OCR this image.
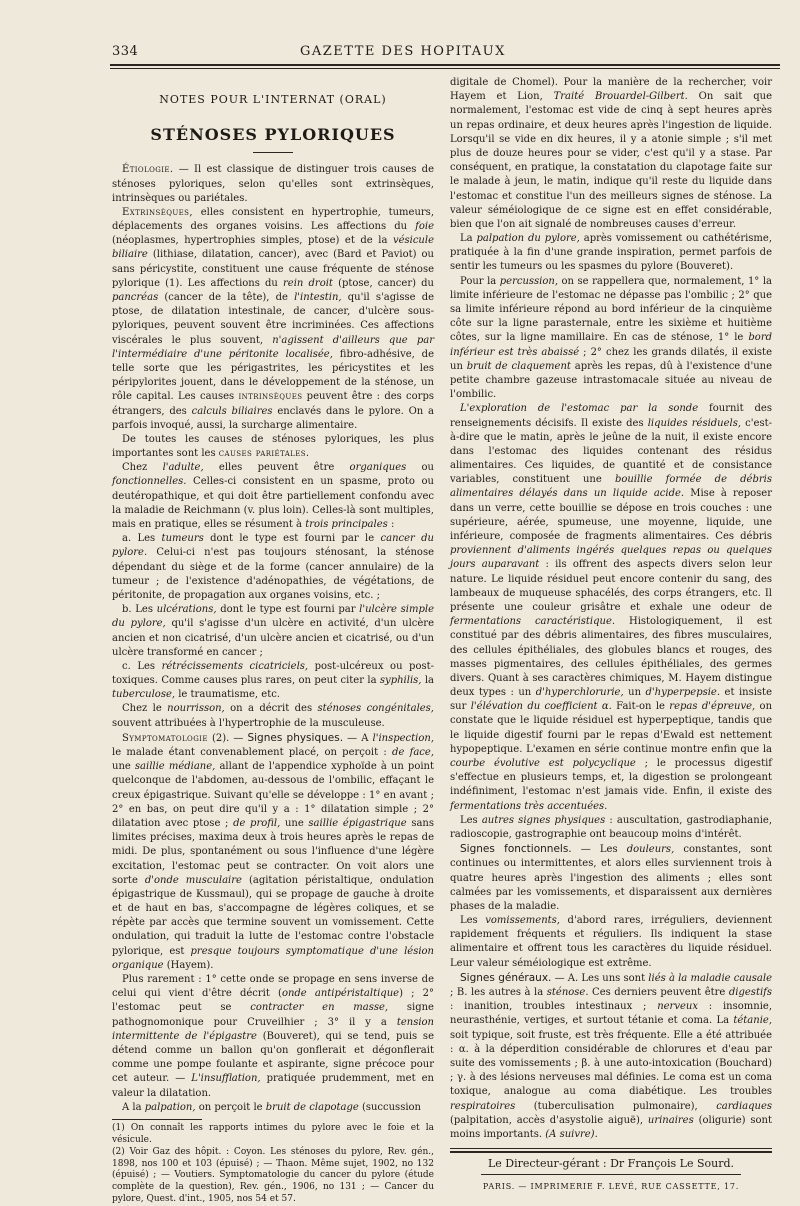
334	GAZETTE DES HOPITAUX
NOTES POUR L'INTERNAT (ORAL)
STÉNOSES PYLORIQUES

Étiologie. — Il est classique de distinguer trois causes de sténoses pyloriques, selon qu'elles sont extrinsèques, intrinsèques ou pariétales.

Extrinsèques, elles consistent en hypertrophie, tumeurs, déplacements des organes voisins. Les affections du foie (néoplasmes, hypertrophies simples, ptose) et de la vésicule biliaire (lithiase, dilatation, cancer), avec (Bard et Paviot) ou sans péricystite, constituent une cause fréquente de sténose pylorique (1). Les affections du rein droit (ptose, cancer) du pancréas (cancer de la tête), de l'intestin, qu'il s'agisse de ptose, de dilatation intestinale, de cancer, d'ulcère sous-pyloriques, peuvent souvent être incriminées. Ces affections viscérales le plus souvent, n'agissent d'ailleurs que par l'intermédiaire d'une péritonite localisée, fibro-adhésive, de telle sorte que les périgastrites, les péricystites et les péripylorites jouent, dans le développement de la sténose, un rôle capital. Les causes intrinsèques peuvent être : des corps étrangers, des calculs biliaires enclavés dans le pylore. On a parfois invoqué, aussi, la surcharge alimentaire.

De toutes les causes de sténoses pyloriques, les plus importantes sont les causes pariétales.

Chez l'adulte, elles peuvent être organiques ou fonctionnelles. Celles-ci consistent en un spasme, proto ou deutéropathique, et qui doit être partiellement confondu avec la maladie de Reichmann (v. plus loin). Celles-là sont multiples, mais en pratique, elles se résument à trois principales :

a. Les tumeurs dont le type est fourni par le cancer du pylore. Celui-ci n'est pas toujours sténosant, la sténose dépendant du siège et de la forme (cancer annulaire) de la tumeur ; de l'existence d'adénopathies, de végétations, de péritonite, de propagation aux organes voisins, etc. ;

b. Les ulcérations, dont le type est fourni par l'ulcère simple du pylore, qu'il s'agisse d'un ulcère en activité, d'un ulcère ancien et non cicatrisé, d'un ulcère ancien et cicatrisé, ou d'un ulcère transformé en cancer ;

c. Les rétrécissements cicatriciels, post-ulcéreux ou post-toxiques. Comme causes plus rares, on peut citer la syphilis, la tuberculose, le traumatisme, etc.

Chez le nourrisson, on a décrit des sténoses congénitales, souvent attribuées à l'hypertrophie de la musculeuse.

Symptomatologie (2). — Signes physiques. — A l'inspection, le malade étant convenablement placé, on perçoit : de face, une saillie médiane, allant de l'appendice xyphoïde à un point quelconque de l'abdomen, au-dessous de l'ombilic, effaçant le creux épigastrique. Suivant qu'elle se développe : 1° en avant ; 2° en bas, on peut dire qu'il y a : 1° dilatation simple ; 2° dilatation avec ptose ; de profil, une saillie épigastrique sans limites précises, maxima deux à trois heures après le repas de midi. De plus, spontanément ou sous l'influence d'une légère excitation, l'estomac peut se contracter. On voit alors une sorte d'onde musculaire (agitation péristaltique, ondulation épigastrique de Kussmaul), qui se propage de gauche à droite et de haut en bas, s'accompagne de légères coliques, et se répète par accès que termine souvent un vomissement. Cette ondulation, qui traduit la lutte de l'estomac contre l'obstacle pylorique, est presque toujours symptomatique d'une lésion organique (Hayem).

Plus rarement : 1° cette onde se propage en sens inverse de celui qui vient d'être décrit (onde antipéristaltique) ; 2° l'estomac peut se contracter en masse, signe pathognomonique pour Cruveilhier ; 3° il y a tension intermittente de l'épigastre (Bouveret), qui se tend, puis se détend comme un ballon qu'on gonflerait et dégonflerait comme une pompe foulante et aspirante, signe précoce pour cet auteur. — L'insufflation, pratiquée prudemment, met en valeur la dilatation.

A la palpation, on perçoit le bruit de clapotage (succussion

(1) On connaît les rapports intimes du pylore avec le foie et la vésicule.

(2) Voir Gaz des hôpit. : Coyon. Les sténoses du pylore, Rev. gén., 1898, nos 100 et 103 (épuisé) ; — Thaon. Même sujet, 1902, no 132 (épuisé) ; — Voutiers. Symptomatologie du cancer du pylore (étude complète de la question), Rev. gén., 1906, no 131 ; — Cancer du pylore, Quest. d'int., 1905, nos 54 et 57.

digitale de Chomel). Pour la manière de la rechercher, voir Hayem et Lion, Traité Brouardel-Gilbert. On sait que normalement, l'estomac est vide de cinq à sept heures après un repas ordinaire, et deux heures après l'ingestion de liquide. Lorsqu'il se vide en dix heures, il y a atonie simple ; s'il met plus de douze heures pour se vider, c'est qu'il y a stase. Par conséquent, en pratique, la constatation du clapotage faite sur le malade à jeun, le matin, indique qu'il reste du liquide dans l'estomac et constitue l'un des meilleurs signes de sténose. La valeur séméiologique de ce signe est en effet considérable, bien que l'on ait signalé de nombreuses causes d'erreur.

La palpation du pylore, après vomissement ou cathétérisme, pratiquée à la fin d'une grande inspiration, permet parfois de sentir les tumeurs ou les spasmes du pylore (Bouveret).

Pour la percussion, on se rappellera que, normalement, 1° la limite inférieure de l'estomac ne dépasse pas l'ombilic ; 2° que sa limite inférieure répond au bord inférieur de la cinquième côte sur la ligne parasternale, entre les sixième et huitième côtes, sur la ligne mamillaire. En cas de sténose, 1° le bord inférieur est très abaissé ; 2° chez les grands dilatés, il existe un bruit de claquement après les repas, dû à l'existence d'une petite chambre gazeuse intrastomacale située au niveau de l'ombilic.

L'exploration de l'estomac par la sonde fournit des renseignements décisifs. Il existe des liquides résiduels, c'est-à-dire que le matin, après le jeûne de la nuit, il existe encore dans l'estomac des liquides contenant des résidus alimentaires. Ces liquides, de quantité et de consistance variables, constituent une bouillie formée de débris alimentaires délayés dans un liquide acide. Mise à reposer dans un verre, cette bouillie se dépose en trois couches : une supérieure, aérée, spumeuse, une moyenne, liquide, une inférieure, composée de fragments alimentaires. Ces débris proviennent d'aliments ingérés quelques repas ou quelques jours auparavant : ils offrent des aspects divers selon leur nature. Le liquide résiduel peut encore contenir du sang, des lambeaux de muqueuse sphacélés, des corps étrangers, etc. Il présente une couleur grisâtre et exhale une odeur de fermentations caractéristique. Histologiquement, il est constitué par des débris alimentaires, des fibres musculaires, des cellules épithéliales, des globules blancs et rouges, des masses pigmentaires, des cellules épithéliales, des germes divers. Quant à ses caractères chimiques, M. Hayem distingue deux types : un d'hyperchlorurie, un d'hyperpepsie. et insiste sur l'élévation du coefficient α. Fait-on le repas d'épreuve, on constate que le liquide résiduel est hyperpeptique, tandis que le liquide digestif fourni par le repas d'Ewald est nettement hypopeptique. L'examen en série continue montre enfin que la courbe évolutive est polycyclique ; le processus digestif s'effectue en plusieurs temps, et, la digestion se prolongeant indéfiniment, l'estomac n'est jamais vide. Enfin, il existe des fermentations très accentuées.

Les autres signes physiques : auscultation, gastrodiaphanie, radioscopie, gastrographie ont beaucoup moins d'intérêt.

Signes fonctionnels. — Les douleurs, constantes, sont continues ou intermittentes, et alors elles surviennent trois à quatre heures après l'ingestion des aliments ; elles sont calmées par les vomissements, et disparaissent aux dernières phases de la maladie.

Les vomissements, d'abord rares, irréguliers, deviennent rapidement fréquents et réguliers. Ils indiquent la stase alimentaire et offrent tous les caractères du liquide résiduel. Leur valeur séméiologique est extrême.

Signes généraux. — A. Les uns sont liés à la maladie causale ; B. les autres à la sténose. Ces derniers peuvent être digestifs : inanition, troubles intestinaux ; nerveux : insomnie, neurasthénie, vertiges, et surtout tétanie et coma. La tétanie, soit typique, soit fruste, est très fréquente. Elle a été attribuée : α. à la déperdition considérable de chlorures et d'eau par suite des vomissements ; β. à une auto-intoxication (Bouchard) ; γ. à des lésions nerveuses mal définies. Le coma est un coma toxique, analogue au coma diabétique. Les troubles respiratoires (tuberculisation pulmonaire), cardiaques (palpitation, accès d'asystolie aiguë), urinaires (oligurie) sont moins importants. (A suivre).

Le Directeur-gérant : Dr François Le Sourd.
PARIS. — IMPRIMERIE F. LEVÉ, RUE CASSETTE, 17.
